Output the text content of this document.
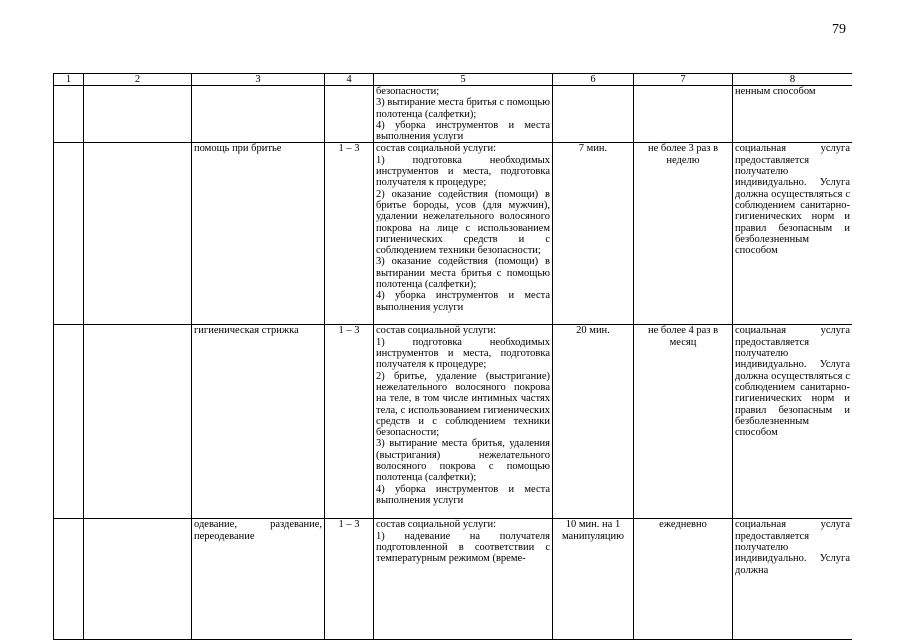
79
1	2	3	4	5	6	7	8
				безопасности;
3) вытирание места бритья с помощью полотенца (салфетки);
4) уборка инструментов и места выполнения услуги			ненным способом
		помощь при бритье	1 – 3	состав социальной услуги:
1) подготовка необходимых инструментов и места, подготовка получателя к процедуре;
2) оказание содействия (помощи) в бритье бороды, усов (для мужчин), удалении нежелательного волосяного покрова на лице с использованием гигиенических средств и с соблюдением техники безопасности;
3) оказание содействия (помощи) в вытирании места бритья с помощью полотенца (салфетки);
4) уборка инструментов и места выполнения услуги	7 мин.	не более 3 раз в неделю	социальная услуга предоставляется получателю индивидуально. Услуга должна осуществляться с соблюдением санитарно-гигиенических норм и правил безопасным и безболезненным способом
		гигиеническая стрижка	1 – 3	состав социальной услуги:
1) подготовка необходимых инструментов и места, подготовка получателя к процедуре;
2) бритье, удаление (выстригание) нежелательного волосяного покрова на теле, в том числе интимных частях тела, с использованием гигиенических средств и с соблюдением техники безопасности;
3) вытирание места бритья, удаления (выстригания) нежелательного волосяного покрова с помощью полотенца (салфетки);
4) уборка инструментов и места выполнения услуги	20 мин.	не более 4 раз в месяц	социальная услуга предоставляется получателю индивидуально. Услуга должна осуществляться с соблюдением санитарно-гигиенических норм и правил безопасным и безболезненным способом
		одевание, раздевание, переодевание	1 – 3	состав социальной услуги:
1) надевание на получателя подготовленной в соответствии с температурным режимом (време-	10 мин. на 1 манипуляцию	ежедневно	социальная услуга предоставляется получателю индивидуально. Услуга должна
